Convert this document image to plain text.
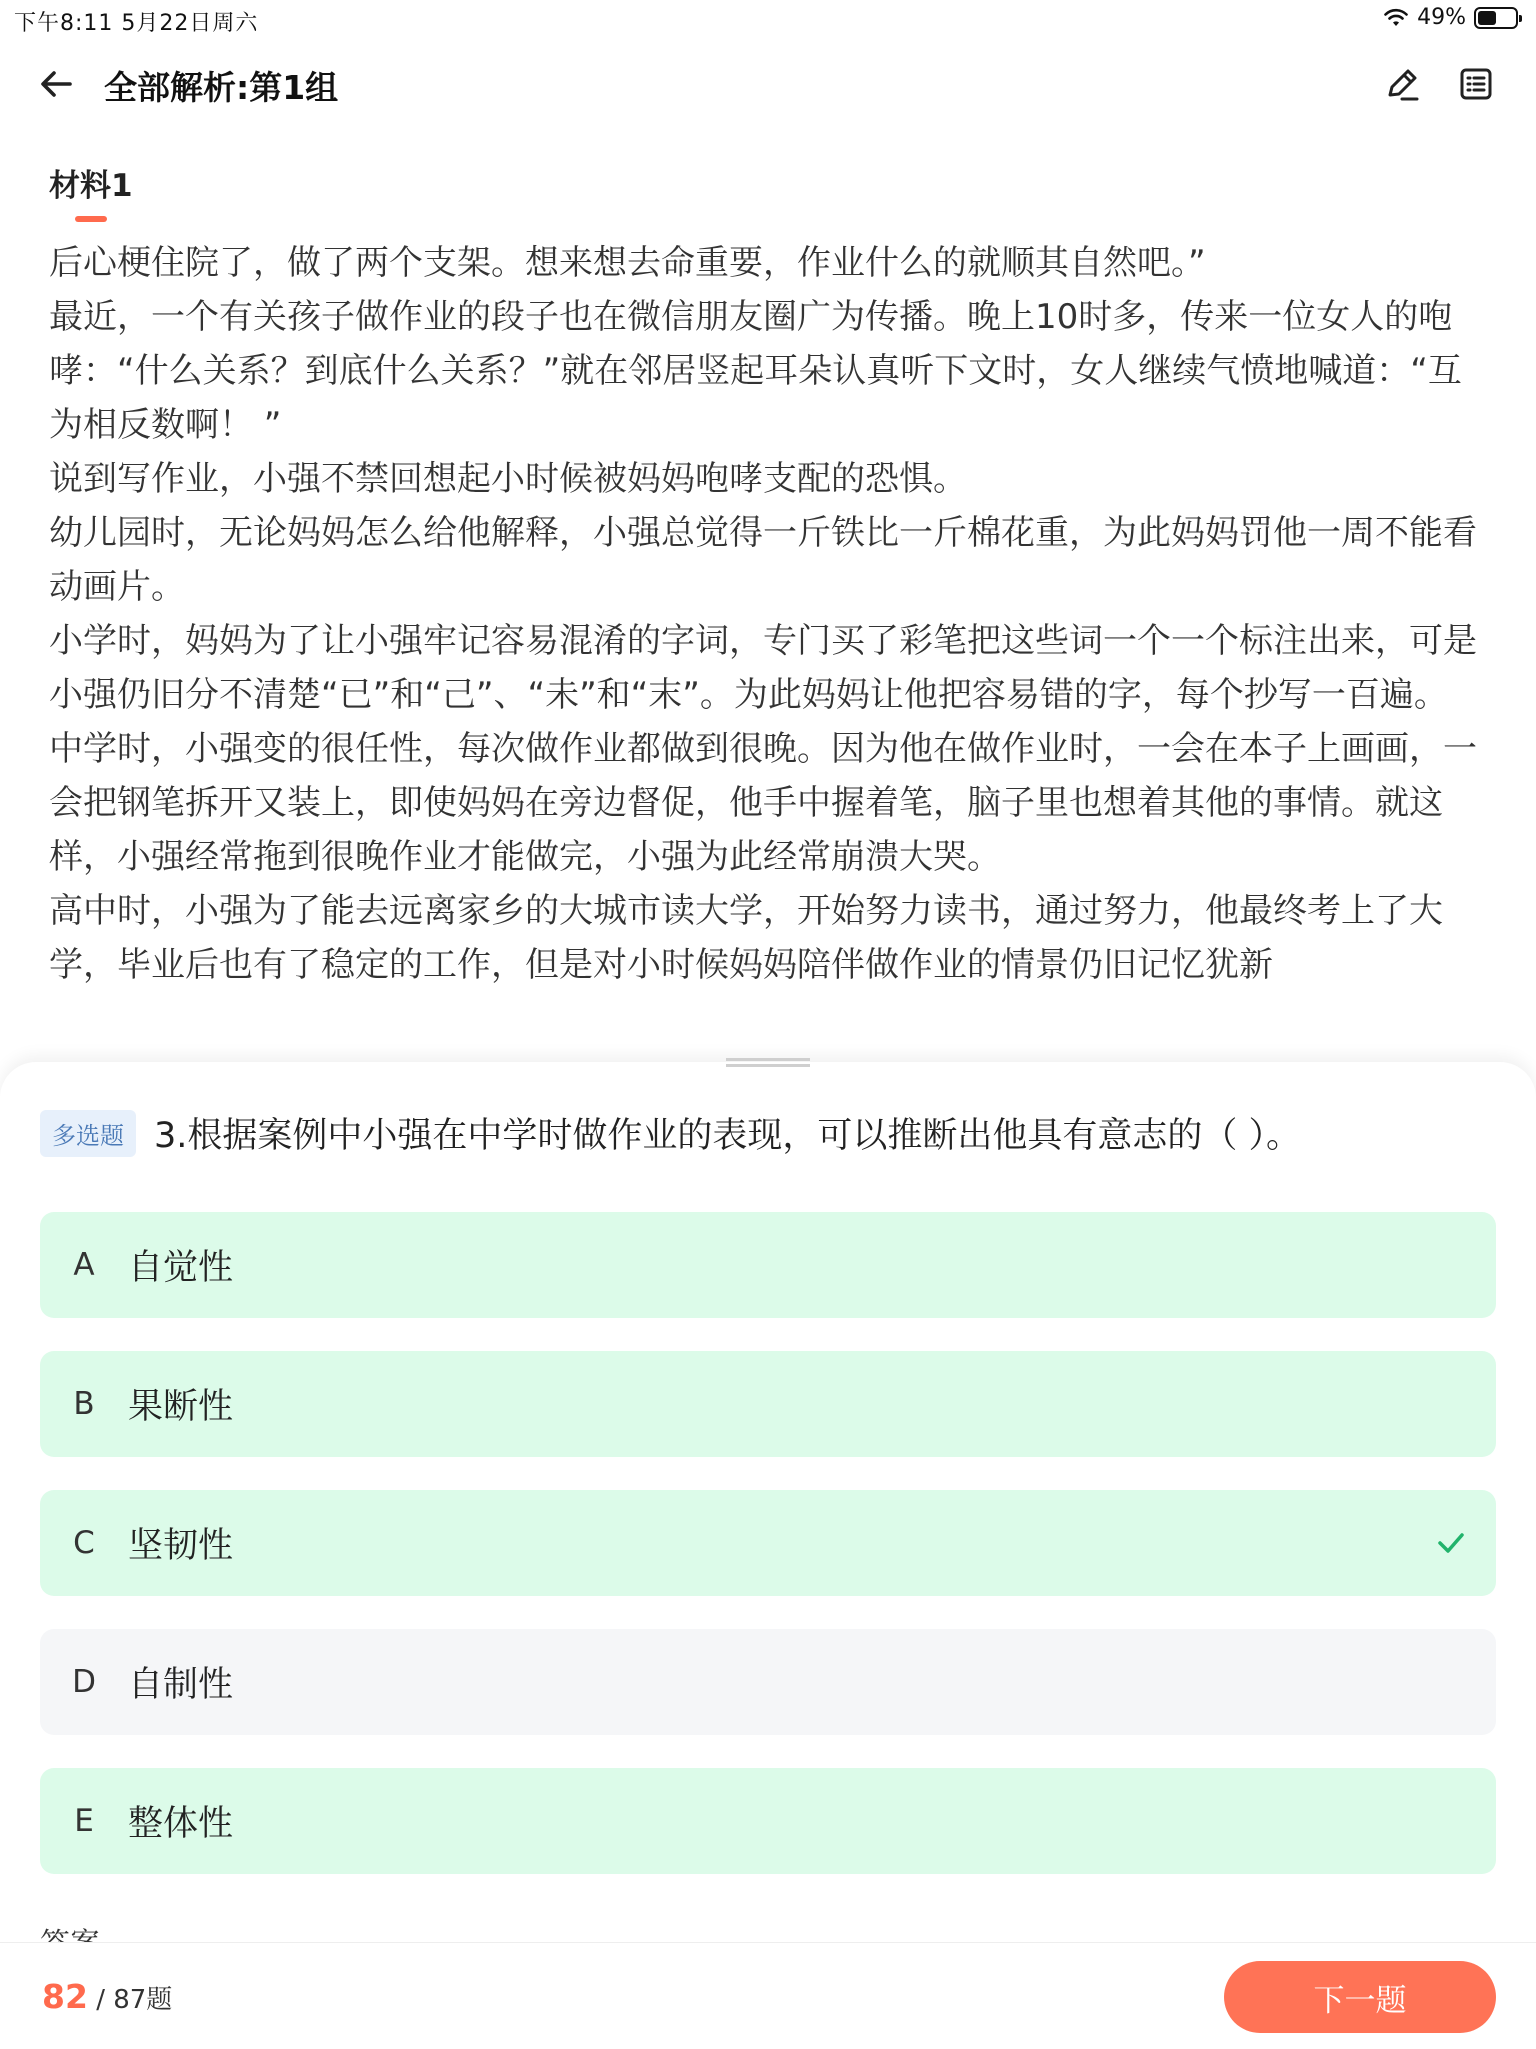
下午8:11 5月22日周六	49%
全部解析:第1组
材料1

后心梗住院了，做了两个支架。想来想去命重要，作业什么的就顺其自然吧。”

最近，一个有关孩子做作业的段子也在微信朋友圈广为传播。晚上10时多，传来一位女人的咆哮：“什么关系？到底什么关系？”就在邻居竖起耳朵认真听下文时，女人继续气愤地喊道：“互为相反数啊！ ”

说到写作业，小强不禁回想起小时候被妈妈咆哮支配的恐惧。

幼儿园时，无论妈妈怎么给他解释，小强总觉得一斤铁比一斤棉花重，为此妈妈罚他一周不能看动画片。

小学时，妈妈为了让小强牢记容易混淆的字词，专门买了彩笔把这些词一个一个标注出来，可是小强仍旧分不清楚“已”和“己”、“未”和“末”。为此妈妈让他把容易错的字，每个抄写一百遍。

中学时，小强变的很任性，每次做作业都做到很晚。因为他在做作业时，一会在本子上画画，一会把钢笔拆开又装上，即使妈妈在旁边督促，他手中握着笔，脑子里也想着其他的事情。就这样，小强经常拖到很晚作业才能做完，小强为此经常崩溃大哭。

高中时，小强为了能去远离家乡的大城市读大学，开始努力读书，通过努力，他最终考上了大学，毕业后也有了稳定的工作，但是对小时候妈妈陪伴做作业的情景仍旧记忆犹新

多选题 3.根据案例中小强在中学时做作业的表现，可以推断出他具有意志的（ ）。
A 自觉性
B 果断性
C 坚韧性
D 自制性
E 整体性
82 / 87题	下一题
